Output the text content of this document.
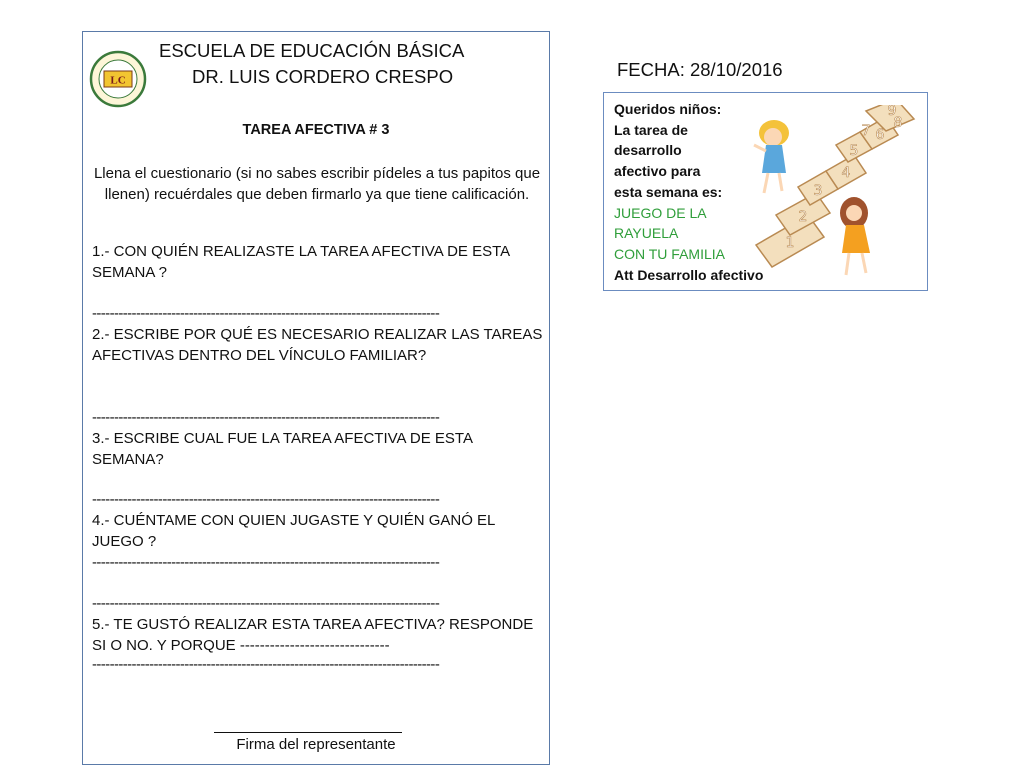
LC
ESCUELA DE EDUCACIÓN BÁSICA
DR. LUIS CORDERO CRESPO
TAREA AFECTIVA # 3
Llena el cuestionario (si no sabes escribir pídeles a tus papitos que llenen) recuérdales que deben firmarlo ya que tiene calificación.
1.- CON QUIÉN REALIZASTE LA TAREA AFECTIVA DE ESTA SEMANA ?
-------------------------------------------------------------------------------
2.- ESCRIBE POR QUÉ ES NECESARIO REALIZAR LAS TAREAS AFECTIVAS DENTRO DEL VÍNCULO FAMILIAR?
-------------------------------------------------------------------------------
3.- ESCRIBE CUAL FUE LA TAREA AFECTIVA DE ESTA SEMANA?
-------------------------------------------------------------------------------
4.- CUÉNTAME CON QUIEN JUGASTE Y QUIÉN GANÓ EL JUEGO ?
-------------------------------------------------------------------------------
-------------------------------------------------------------------------------
5.- TE GUSTÓ REALIZAR ESTA TAREA AFECTIVA? RESPONDE SI O NO. Y PORQUE ------------------------------
-------------------------------------------------------------------------------
Firma del representante
FECHA: 28/10/2016
Queridos niños:
La tarea de
desarrollo
afectivo para
esta semana es:
JUEGO DE LA
RAYUELA
CON TU FAMILIA
Att Desarrollo afectivo
1
2
3
4
5
6
7 8
9
